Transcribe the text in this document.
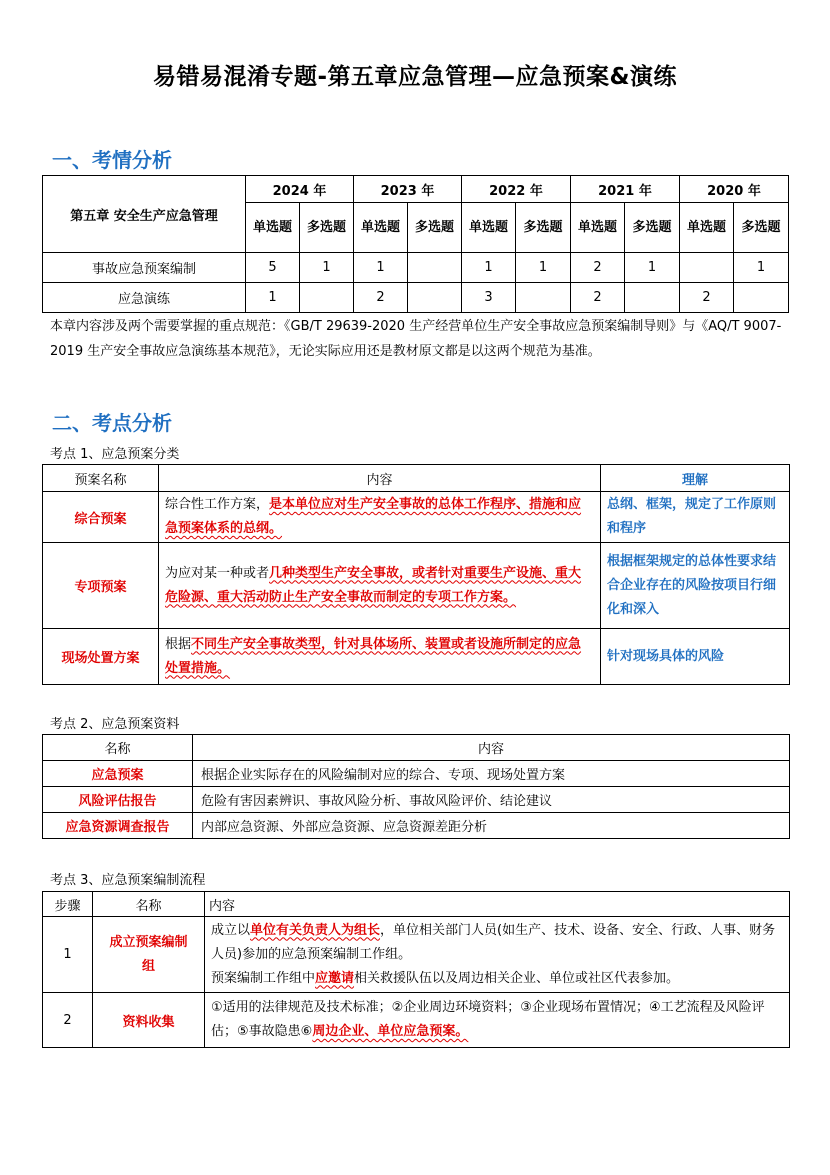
易错易混淆专题-第五章应急管理—应急预案&演练
一、考情分析
第五章 安全生产应急管理	2024 年		2023 年		2022 年		2021 年		2020 年	
	单选题	多选题	单选题	多选题	单选题	多选题	单选题	多选题	单选题	多选题
事故应急预案编制	5	1	1		1	1	2	1		1
应急演练	1		2		3		2		2	
本章内容涉及两个需要掌握的重点规范：《GB/T 29639-2020 生产经营单位生产安全事故应急预案编制导则》与《AQ/T 9007-2019 生产安全事故应急演练基本规范》，无论实际应用还是教材原文都是以这两个规范为基准。
二、考点分析
考点 1、应急预案分类
预案名称	内容	理解
综合预案	综合性工作方案，是本单位应对生产安全事故的总体工作程序、措施和应急预案体系的总纲。	总纲、框架，规定了工作原则和程序
专项预案	为应对某一种或者几种类型生产安全事故，或者针对重要生产设施、重大危险源、重大活动防止生产安全事故而制定的专项工作方案。	根据框架规定的总体性要求结合企业存在的风险按项目行细化和深入
现场处置方案	根据不同生产安全事故类型，针对具体场所、装置或者设施所制定的应急处置措施。	针对现场具体的风险
考点 2、应急预案资料
名称	内容
应急预案	根据企业实际存在的风险编制对应的综合、专项、现场处置方案
风险评估报告	危险有害因素辨识、事故风险分析、事故风险评价、结论建议
应急资源调查报告	内部应急资源、外部应急资源、应急资源差距分析
考点 3、应急预案编制流程
步骤	名称	内容
1	成立预案编制组	成立以单位有关负责人为组长，单位相关部门人员(如生产、技术、设备、安全、行政、人事、财务人员)参加的应急预案编制工作组。
预案编制工作组中应邀请相关救援队伍以及周边相关企业、单位或社区代表参加。
2	资料收集	①适用的法律规范及技术标准；②企业周边环境资料；③企业现场布置情况；④工艺流程及风险评估；⑤事故隐患⑥周边企业、单位应急预案。
